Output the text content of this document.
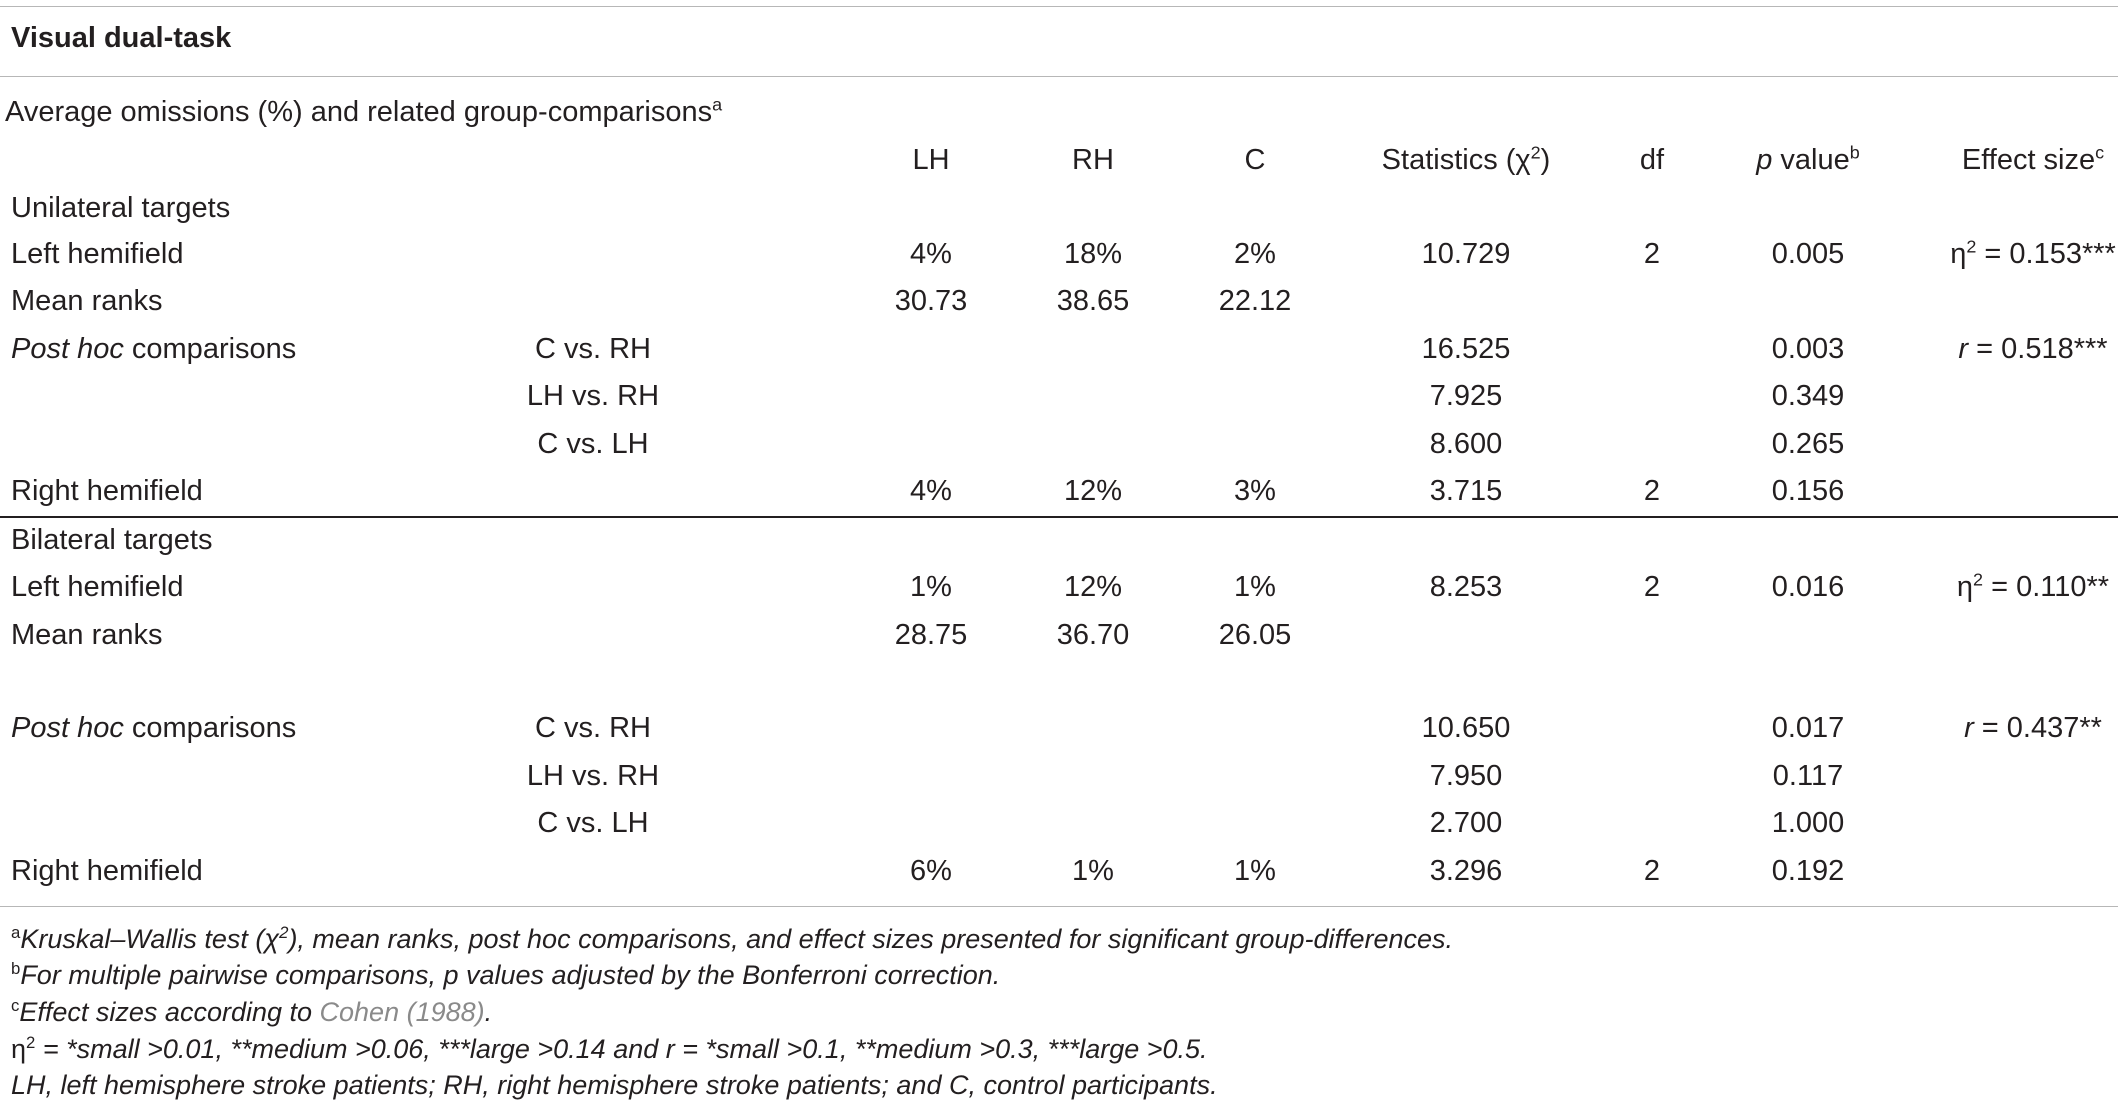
Visual dual-task
Average omissions (%) and related group-comparisons$^a$
LH	RH	C	Statistics $(\chi^2)$	df	p value$^b$	Effect size$^c$
Unilateral targets
Left hemifield	4%	18%	2%	10.729	2	0.005	$\eta^2 = 0.153***$
Mean ranks	30.73	38.65	22.12
Post hoc comparisons	C vs. RH	16.525	0.003	r = 0.518***
LH vs. RH	7.925	0.349
C vs. LH	8.600	0.265
Right hemifield	4%	12%	3%	3.715	2	0.156
Bilateral targets
Left hemifield	1%	12%	1%	8.253	2	0.016	$\eta^2 = 0.110**$
Mean ranks	28.75	36.70	26.05
Post hoc comparisons	C vs. RH	10.650	0.017	r = 0.437**
LH vs. RH	7.950	0.117
C vs. LH	2.700	1.000
Right hemifield	6%	1%	1%	3.296	2	0.192
$^a$Kruskal–Wallis test $(\chi^2)$, mean ranks, post hoc comparisons, and effect sizes presented for significant group-differences.
$^b$For multiple pairwise comparisons, p values adjusted by the Bonferroni correction.
$^c$Effect sizes according to Cohen (1988).
$\eta^2$ = *small >0.01, **medium >0.06, ***large >0.14 and r = *small >0.1, **medium >0.3, ***large >0.5.
LH, left hemisphere stroke patients; RH, right hemisphere stroke patients; and C, control participants.
